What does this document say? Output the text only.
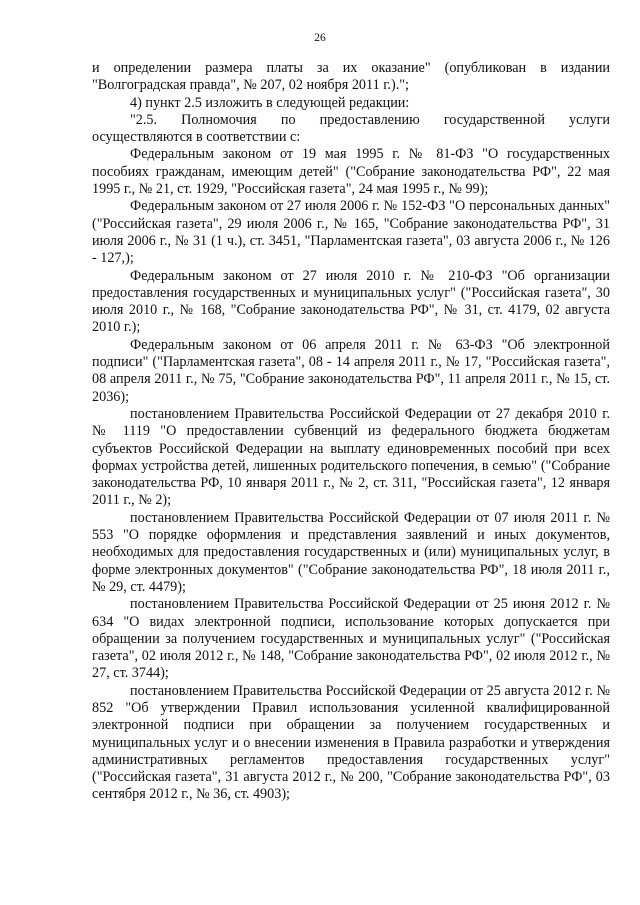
26

и определении размера платы за их оказание" (опубликован в издании "Волгоградская правда", № 207, 02 ноября 2011 г.).";

4) пункт 2.5 изложить в следующей редакции:

"2.5. Полномочия по предоставлению государственной услуги осуществляются в соответствии с:

Федеральным законом от 19 мая 1995 г. № 81-ФЗ "О государственных пособиях гражданам, имеющим детей" ("Собрание законодательства РФ", 22 мая 1995 г., № 21, ст. 1929, "Российская газета", 24 мая 1995 г., № 99);

Федеральным законом от 27 июля 2006 г. № 152-ФЗ "О персональных данных" ("Российская газета", 29 июля 2006 г., № 165, "Собрание законодательства РФ", 31 июля 2006 г., № 31 (1 ч.), ст. 3451, "Парламентская газета", 03 августа 2006 г., № 126 - 127,);

Федеральным законом от 27 июля 2010 г. № 210-ФЗ "Об организации предоставления государственных и муниципальных услуг" ("Российская газета", 30 июля 2010 г., № 168, "Собрание законодательства РФ", № 31, ст. 4179, 02 августа 2010 г.);

Федеральным законом от 06 апреля 2011 г. № 63-ФЗ "Об электронной подписи" ("Парламентская газета", 08 - 14 апреля 2011 г., № 17, "Российская газета", 08 апреля 2011 г., № 75, "Собрание законодательства РФ", 11 апреля 2011 г., № 15, ст. 2036);

постановлением Правительства Российской Федерации от 27 декабря 2010 г. № 1119 "О предоставлении субвенций из федерального бюджета бюджетам субъектов Российской Федерации на выплату единовременных пособий при всех формах устройства детей, лишенных родительского попечения, в семью" ("Собрание законодательства РФ, 10 января 2011 г., № 2, ст. 311, "Российская газета", 12 января 2011 г., № 2);

постановлением Правительства Российской Федерации от 07 июля 2011 г. № 553 "О порядке оформления и представления заявлений и иных документов, необходимых для предоставления государственных и (или) муниципальных услуг, в форме электронных документов" ("Собрание законодательства РФ", 18 июля 2011 г., № 29, ст. 4479);

постановлением Правительства Российской Федерации от 25 июня 2012 г. № 634 "О видах электронной подписи, использование которых допускается при обращении за получением государственных и муниципальных услуг" ("Российская газета", 02 июля 2012 г., № 148, "Собрание законодательства РФ", 02 июля 2012 г., № 27, ст. 3744);

постановлением Правительства Российской Федерации от 25 августа 2012 г. № 852 "Об утверждении Правил использования усиленной квалифицированной электронной подписи при обращении за получением государственных и муниципальных услуг и о внесении изменения в Правила разработки и утверждения административных регламентов предоставления государственных услуг" ("Российская газета", 31 августа 2012 г., № 200, "Собрание законодательства РФ", 03 сентября 2012 г., № 36, ст. 4903);
